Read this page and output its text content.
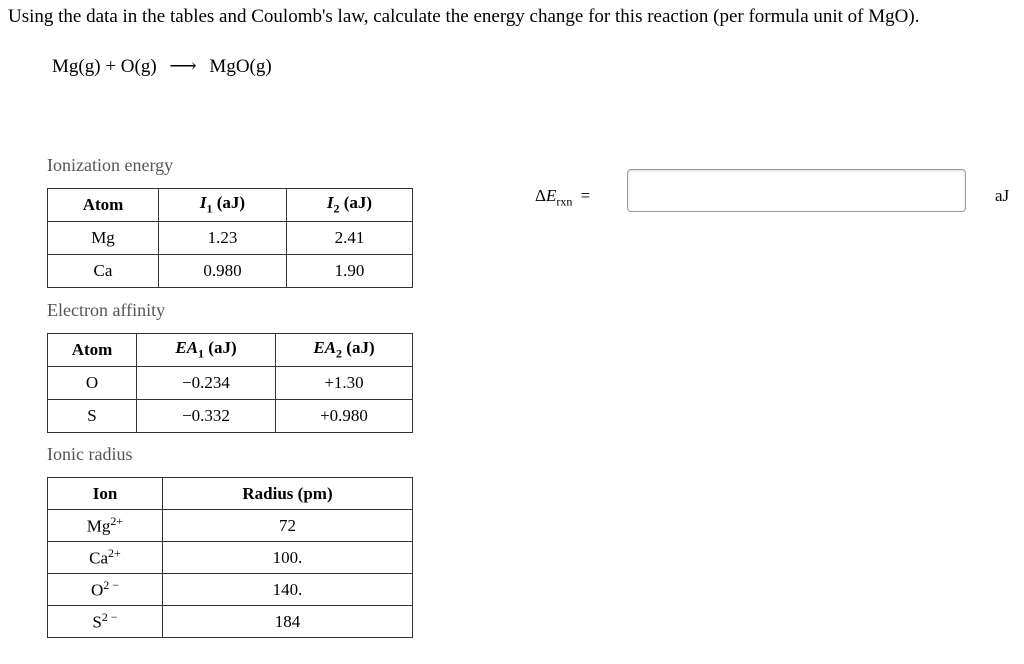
Using the data in the tables and Coulomb's law, calculate the energy change for this reaction (per formula unit of MgO).
Mg(g) + O(g) ⟶ MgO(g)
Ionization energy
Atom	$I_1$ (aJ)	$I_2$ (aJ)
Mg	1.23	2.41
Ca	0.980	1.90
Electron affinity
Atom	$EA_1$ (aJ)	$EA_2$ (aJ)
O	−0.234	+1.30
S	−0.332	+0.980
Ionic radius
Ion	Radius (pm)
$Mg^{2+}$	72
$Ca^{2+}$	100.
$O^{2 -}$	140.
$S^{2 -}$	184
$\Delta E_{rxn}$ =	aJ
